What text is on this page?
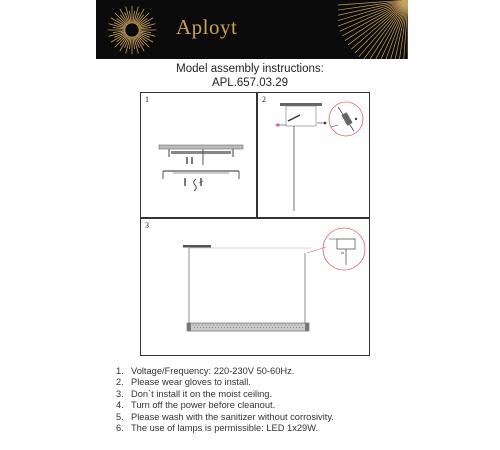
Aployt
Model assembly instructions:
APL.657.03.29
1	2
3
1. Voltage/Frequency: 220-230V 50-60Hz.
2. Please wear gloves to install.
3. Don`t install it on the moist ceiling.
4. Turn off the power before cleanout.
5. Please wash with the sanitizer without corrosivity.
6. The use of lamps is permissible: LED 1x29W.
